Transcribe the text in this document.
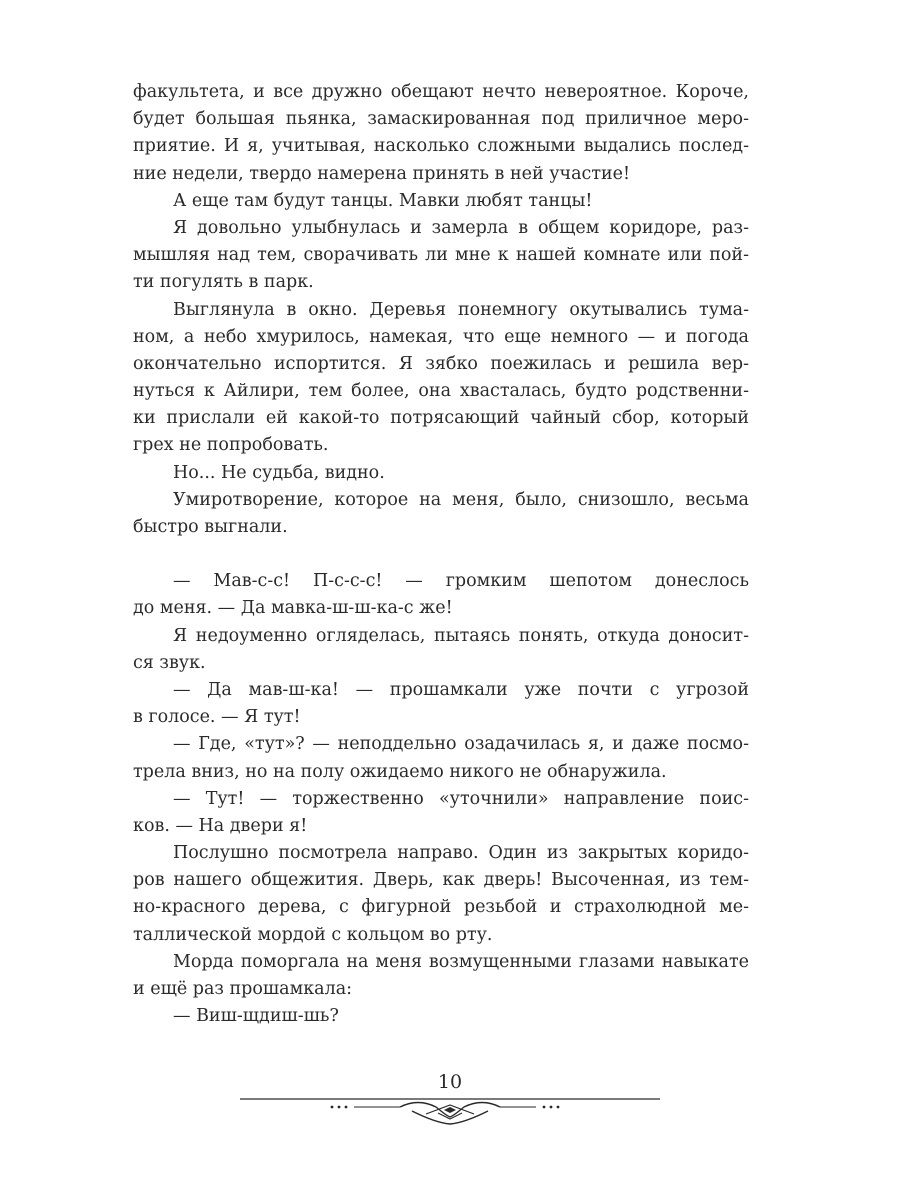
факультета, и все дружно обещают нечто невероятное. Короче,
будет большая пьянка, замаскированная под приличное меро-
приятие. И я, учитывая, насколько сложными выдались послед-
ние недели, твердо намерена принять в ней участие!
А еще там будут танцы. Мавки любят танцы!
Я довольно улыбнулась и замерла в общем коридоре, раз-
мышляя над тем, сворачивать ли мне к нашей комнате или пой-
ти погулять в парк.
Выглянула в окно. Деревья понемногу окутывались тума-
ном, а небо хмурилось, намекая, что еще немного — и погода
окончательно испортится. Я зябко поежилась и решила вер-
нуться к Айлири, тем более, она хвасталась, будто родственни-
ки прислали ей какой-то потрясающий чайный сбор, который
грех не попробовать.
Но... Не судьба, видно.
Умиротворение, которое на меня, было, снизошло, весьма
быстро выгнали.
— Мав-с-с! П-с-с-с! — громким шепотом донеслось
до меня. — Да мавка-ш-ш-ка-с же!
Я недоуменно огляделась, пытаясь понять, откуда доносит-
ся звук.
— Да мав-ш-ка! — прошамкали уже почти с угрозой
в голосе. — Я тут!
— Где, «тут»? — неподдельно озадачилась я, и даже посмо-
трела вниз, но на полу ожидаемо никого не обнаружила.
— Тут! — торжественно «уточнили» направление поис-
ков. — На двери я!
Послушно посмотрела направо. Один из закрытых коридо-
ров нашего общежития. Дверь, как дверь! Высоченная, из тем-
но-красного дерева, с фигурной резьбой и страхолюдной ме-
таллической мордой с кольцом во рту.
Морда поморгала на меня возмущенными глазами навыкате
и ещё раз прошамкала:
— Виш-щдиш-шь?
10
